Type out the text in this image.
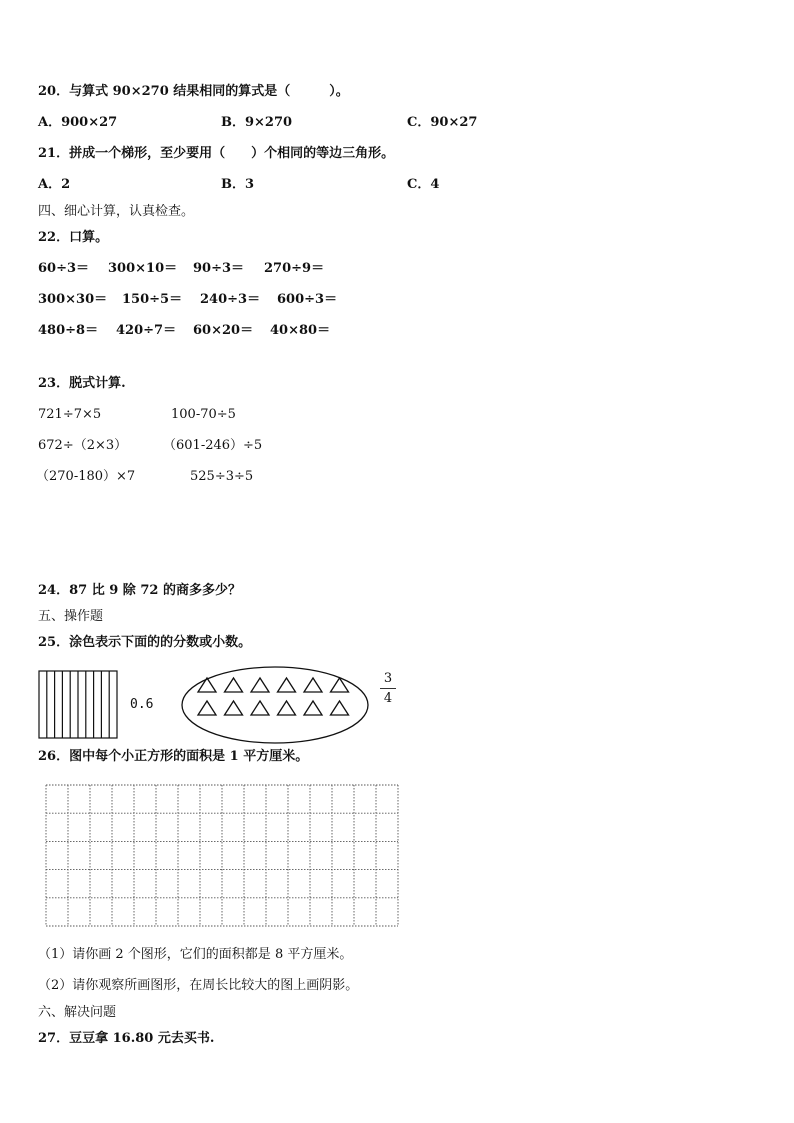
20．与算式 90×270 结果相同的算式是（　　　）。
A．900×27	B．9×270	C．90×27
21．拼成一个梯形，至少要用（　　）个相同的等边三角形。
A．2	B．3	C．4
四、细心计算，认真检查。
22．口算。
60÷3＝ 300×10＝ 90÷3＝ 270÷9＝
300×30＝ 150÷5＝ 240÷3＝ 600÷3＝
480÷8＝ 420÷7＝ 60×20＝ 40×80＝
23．脱式计算.
721÷7×5	100-70÷5
672÷（2×3）	（601-246）÷5
（270-180）×7	525÷3÷5
24．87 比 9 除 72 的商多多少？
五、操作题
25．涂色表示下面的的分数或小数。
0.6
3
4
26．图中每个小正方形的面积是 1 平方厘米。
（1）请你画 2 个图形，它们的面积都是 8 平方厘米。
（2）请你观察所画图形，在周长比较大的图上画阴影。
六、解决问题
27．豆豆拿 16.80 元去买书.
